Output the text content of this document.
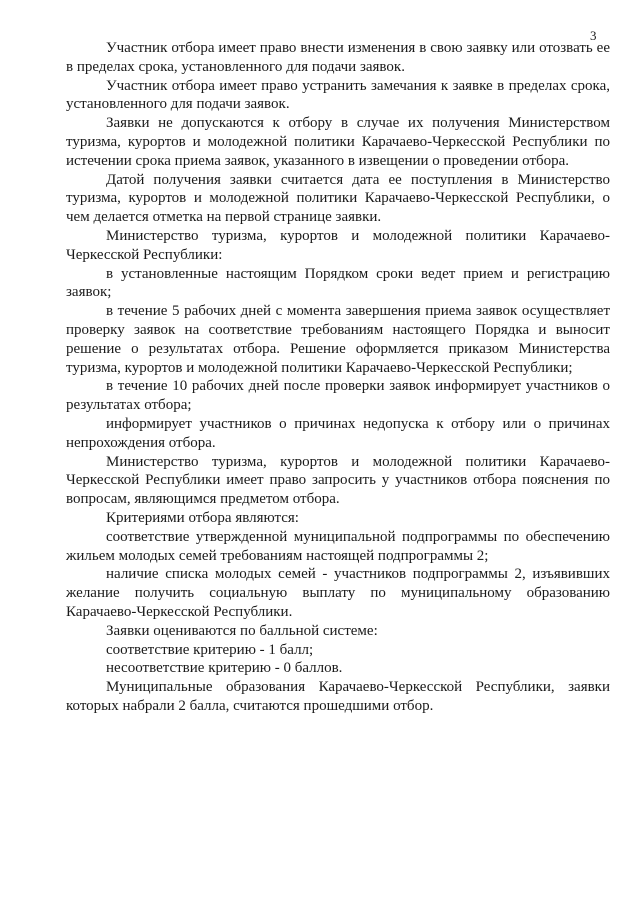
3

Участник отбора имеет право внести изменения в свою заявку или отозвать ее в пределах срока, установленного для подачи заявок.

Участник отбора имеет право устранить замечания к заявке в пределах срока, установленного для подачи заявок.

Заявки не допускаются к отбору в случае их получения Министерством туризма, курортов и молодежной политики Карачаево-Черкесской Республики по истечении срока приема заявок, указанного в извещении о проведении отбора.

Датой получения заявки считается дата ее поступления в Министерство туризма, курортов и молодежной политики Карачаево-Черкесской Республики, о чем делается отметка на первой странице заявки.

Министерство туризма, курортов и молодежной политики Карачаево-Черкесской Республики:

в установленные настоящим Порядком сроки ведет прием и регистрацию заявок;

в течение 5 рабочих дней с момента завершения приема заявок осуществляет проверку заявок на соответствие требованиям настоящего Порядка и выносит решение о результатах отбора. Решение оформляется приказом Министерства туризма, курортов и молодежной политики Карачаево-Черкесской Республики;

в течение 10 рабочих дней после проверки заявок информирует участников о результатах отбора;

информирует участников о причинах недопуска к отбору или о причинах непрохождения отбора.

Министерство туризма, курортов и молодежной политики Карачаево-Черкесской Республики имеет право запросить у участников отбора пояснения по вопросам, являющимся предметом отбора.

Критериями отбора являются:

соответствие утвержденной муниципальной подпрограммы по обеспечению жильем молодых семей требованиям настоящей подпрограммы 2;

наличие списка молодых семей - участников подпрограммы 2, изъявивших желание получить социальную выплату по муниципальному образованию Карачаево-Черкесской Республики.

Заявки оцениваются по балльной системе:

соответствие критерию - 1 балл;

несоответствие критерию - 0 баллов.

Муниципальные образования Карачаево-Черкесской Республики, заявки которых набрали 2 балла, считаются прошедшими отбор.
